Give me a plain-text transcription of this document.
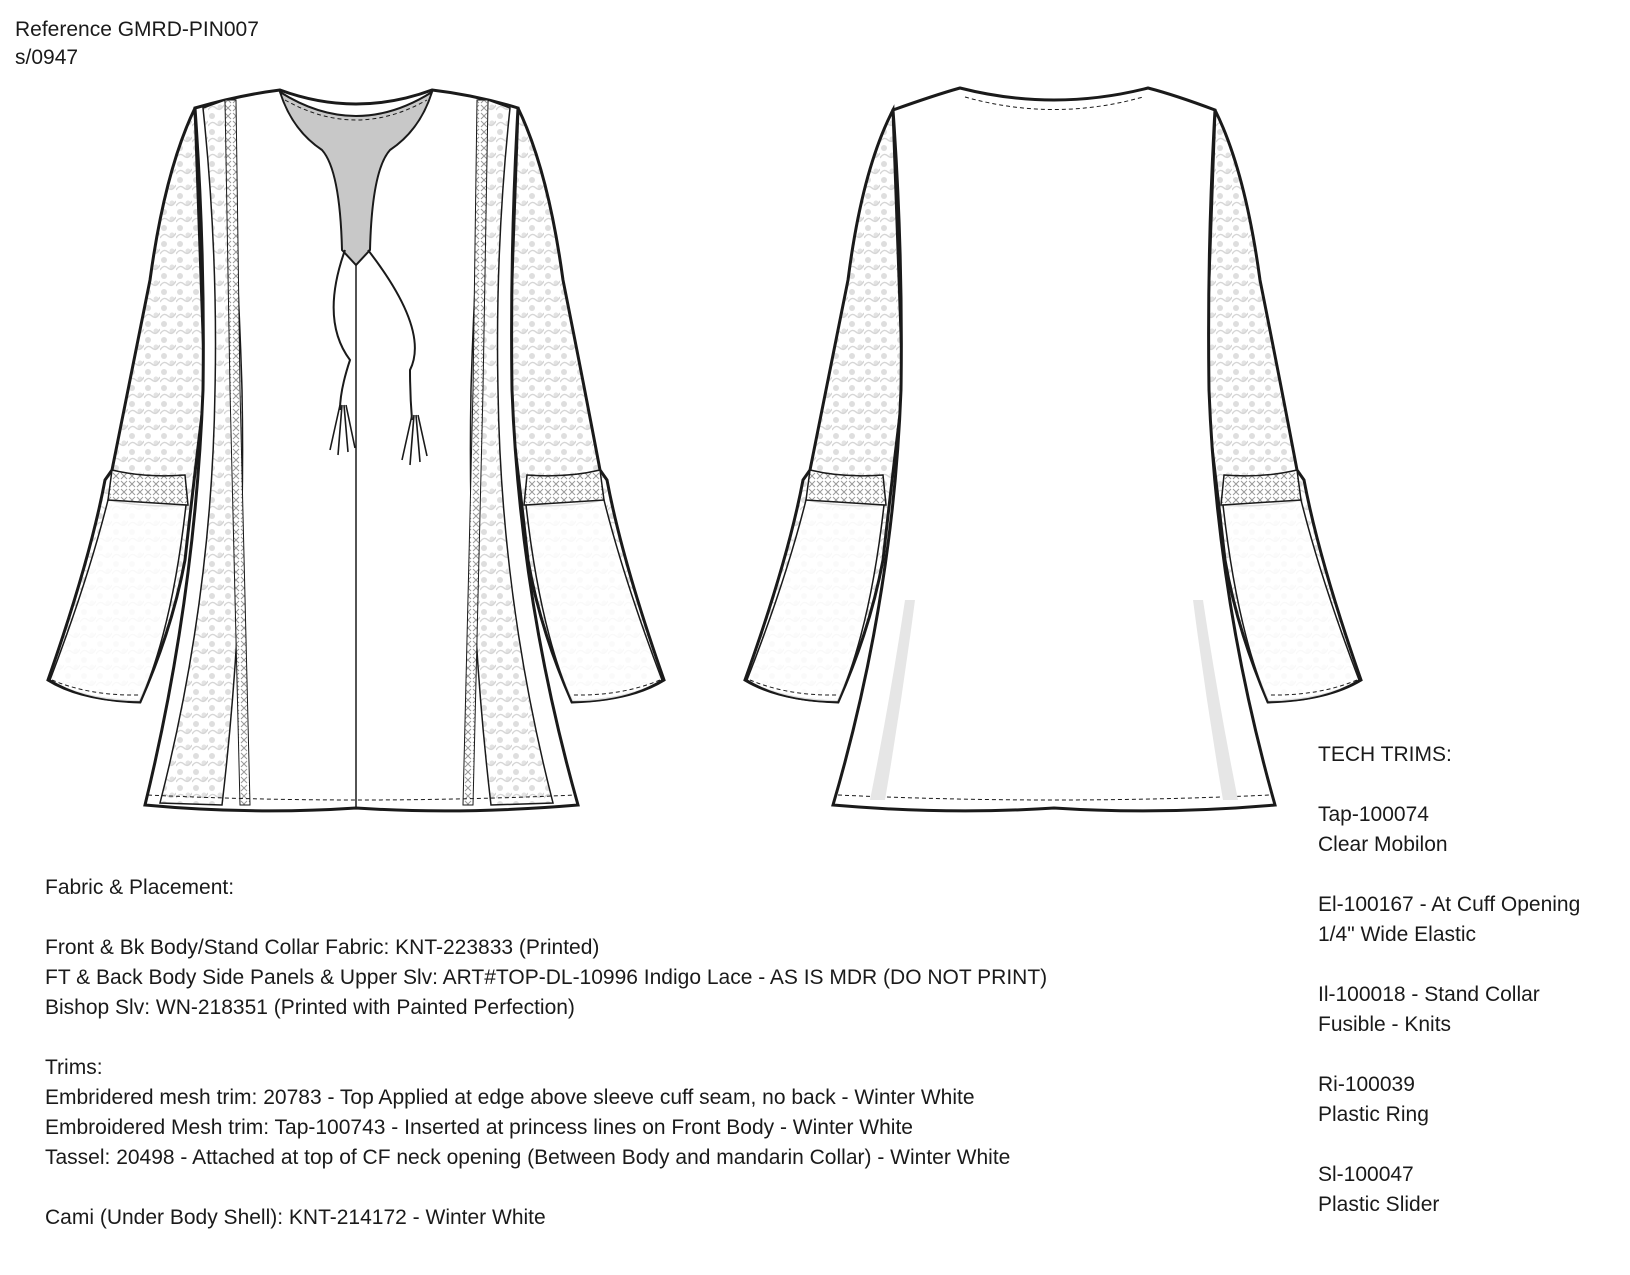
Reference GMRD-PIN007
s/0947
Fabric & Placement:
Front & Bk Body/Stand Collar Fabric: KNT-223833 (Printed)
FT & Back Body Side Panels & Upper Slv: ART#TOP-DL-10996 Indigo Lace - AS IS MDR (DO NOT PRINT)
Bishop Slv: WN-218351 (Printed with Painted Perfection)
Trims:
Embridered mesh trim: 20783 - Top Applied at edge above sleeve cuff seam, no back - Winter White
Embroidered Mesh trim: Tap-100743 - Inserted at princess lines on Front Body - Winter White
Tassel: 20498 - Attached at top of CF neck opening (Between Body and mandarin Collar) - Winter White
Cami (Under Body Shell): KNT-214172 - Winter White
TECH TRIMS:
Tap-100074
Clear Mobilon
El-100167 - At Cuff Opening
1/4" Wide Elastic
Il-100018 - Stand Collar
Fusible - Knits
Ri-100039
Plastic Ring
Sl-100047
Plastic Slider
